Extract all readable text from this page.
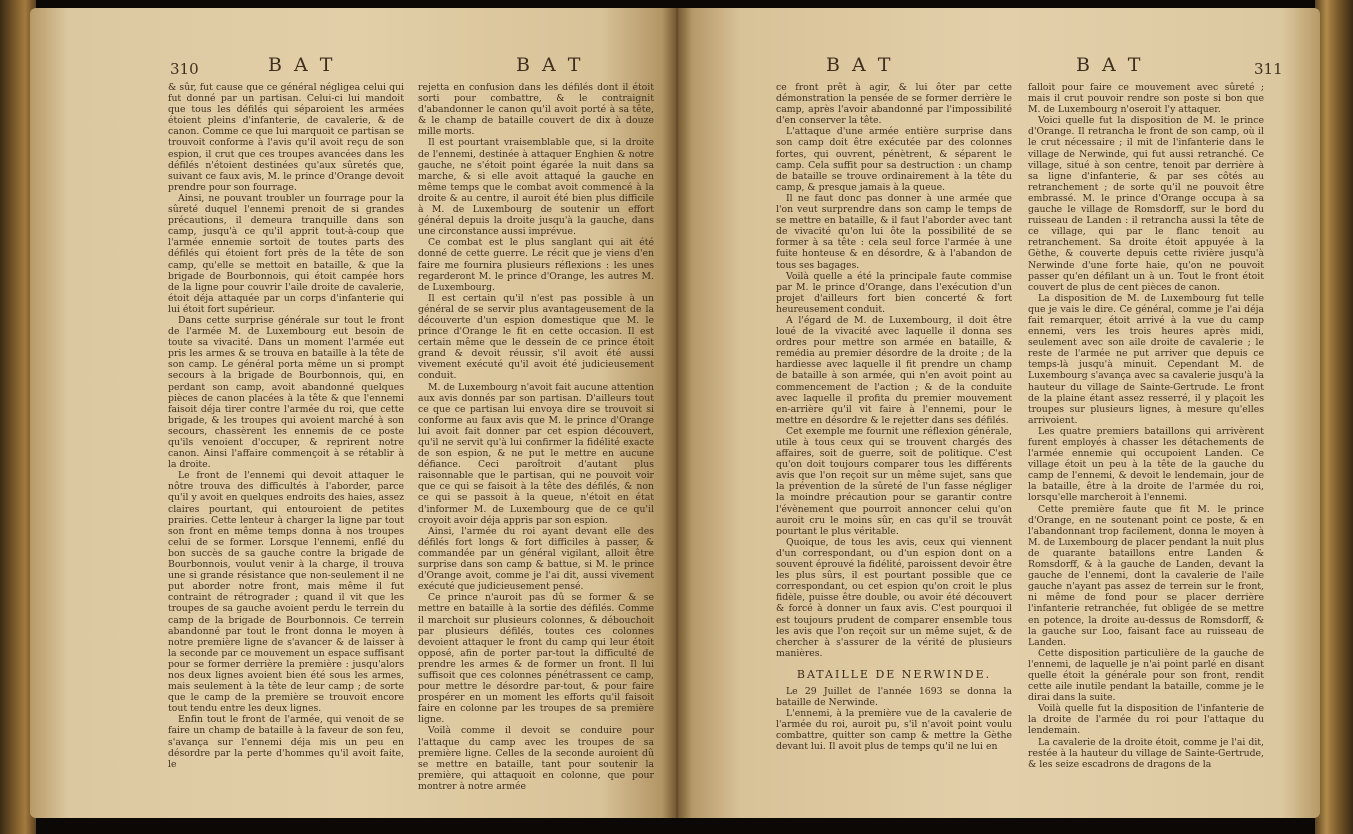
310	B A T	B A T

& sûr, fut cause que ce général négligea celui qui fut donné par un partisan. Celui-ci lui mandoit que tous les défilés qui séparoient les armées étoient pleins d'infanterie, de cavalerie, & de canon. Comme ce que lui marquoit ce partisan se trouvoit conforme à l'avis qu'il avoit reçu de son espion, il crut que ces troupes avancées dans les défilés n'étoient destinées qu'aux sûretés que, suivant ce faux avis, M. le prince d'Orange devoit prendre pour son fourrage.

Ainsi, ne pouvant troubler un fourrage pour la sûreté duquel l'ennemi prenoit de si grandes précautions, il demeura tranquille dans son camp, jusqu'à ce qu'il apprit tout-à-coup que l'armée ennemie sortoit de toutes parts des défilés qui étoient fort près de la tête de son camp, qu'elle se mettoit en bataille, & que la brigade de Bourbonnois, qui étoit campée hors de la ligne pour couvrir l'aile droite de cavalerie, étoit déja attaquée par un corps d'infanterie qui lui étoit fort supérieur.

Dans cette surprise générale sur tout le front de l'armée M. de Luxembourg eut besoin de toute sa vivacité. Dans un moment l'armée eut pris les armes & se trouva en bataille à la tête de son camp. Le général porta même un si prompt secours à la brigade de Bourbonnois, qui, en perdant son camp, avoit abandonné quelques pièces de canon placées à la tête & que l'ennemi faisoit déja tirer contre l'armée du roi, que cette brigade, & les troupes qui avoient marché à son secours, chassèrent les ennemis de ce poste qu'ils venoient d'occuper, & reprirent notre canon. Ainsi l'affaire commençoit à se rétablir à la droite.

Le front de l'ennemi qui devoit attaquer le nôtre trouva des difficultés à l'aborder, parce qu'il y avoit en quelques endroits des haies, assez claires pourtant, qui entouroient de petites prairies. Cette lenteur à charger la ligne par tout son front en même temps donna à nos troupes celui de se former. Lorsque l'ennemi, enflé du bon succès de sa gauche contre la brigade de Bourbonnois, voulut venir à la charge, il trouva une si grande résistance que non-seulement il ne put aborder notre front, mais même il fut contraint de rétrograder ; quand il vit que les troupes de sa gauche avoient perdu le terrein du camp de la brigade de Bourbonnois. Ce terrein abandonné par tout le front donna le moyen à notre première ligne de s'avancer & de laisser à la seconde par ce mouvement un espace suffisant pour se former derrière la première : jusqu'alors nos deux lignes avoient bien été sous les armes, mais seulement à la tête de leur camp ; de sorte que le camp de la première se trouvoit encore tout tendu entre les deux lignes.

Enfin tout le front de l'armée, qui venoit de se faire un champ de bataille à la faveur de son feu, s'avança sur l'ennemi déja mis un peu en désordre par la perte d'hommes qu'il avoit faite, le

rejetta en confusion dans les défilés dont il étoit sorti pour combattre, & le contraignit d'abandonner le canon qu'il avoit porté à sa tête, & le champ de bataille couvert de dix à douze mille morts.

Il est pourtant vraisemblable que, si la droite de l'ennemi, destinée à attaquer Enghien & notre gauche, ne s'étoit point égarée la nuit dans sa marche, & si elle avoit attaqué la gauche en même temps que le combat avoit commencé à la droite & au centre, il auroit été bien plus difficile à M. de Luxembourg de soutenir un effort général depuis la droite jusqu'à la gauche, dans une circonstance aussi imprévue.

Ce combat est le plus sanglant qui ait été donné de cette guerre. Le récit que je viens d'en faire me fournira plusieurs réflexions : les unes regarderont M. le prince d'Orange, les autres M. de Luxembourg.

Il est certain qu'il n'est pas possible à un général de se servir plus avantageusement de la découverte d'un espion domestique que M. le prince d'Orange le fit en cette occasion. Il est certain même que le dessein de ce prince étoit grand & devoit réussir, s'il avoit été aussi vivement exécuté qu'il avoit été judicieusement conduit.

M. de Luxembourg n'avoit fait aucune attention aux avis donnés par son partisan. D'ailleurs tout ce que ce partisan lui envoya dire se trouvoit si conforme au faux avis que M. le prince d'Orange lui avoit fait donner par cet espion découvert, qu'il ne servit qu'à lui confirmer la fidélité exacte de son espion, & ne put le mettre en aucune défiance. Ceci paroîtroit d'autant plus raisonnable que le partisan, qui ne pouvoit voir que ce qui se faisoit à la tête des défilés, & non ce qui se passoit à la queue, n'étoit en état d'informer M. de Luxembourg que de ce qu'il croyoit avoir déja appris par son espion.

Ainsi, l'armée du roi ayant devant elle des défilés fort longs & fort difficiles à passer, & commandée par un général vigilant, alloit être surprise dans son camp & battue, si M. le prince d'Orange avoit, comme je l'ai dit, aussi vivement exécuté que judicieusement pensé.

Ce prince n'auroit pas dû se former & se mettre en bataille à la sortie des défilés. Comme il marchoit sur plusieurs colonnes, & débouchoit par plusieurs défilés, toutes ces colonnes devoient attaquer le front du camp qui leur étoit opposé, afin de porter par-tout la difficulté de prendre les armes & de former un front. Il lui suffisoit que ces colonnes pénétrassent ce camp, pour mettre le désordre par-tout, & pour faire prospérer en un moment les efforts qu'il faisoit faire en colonne par les troupes de sa première ligne.

Voilà comme il devoit se conduire pour l'attaque du camp avec les troupes de sa première ligne. Celles de la seconde auroient dû se mettre en bataille, tant pour soutenir la première, qui attaquoit en colonne, que pour montrer à notre armée

B A T	B A T	311

ce front prêt à agir, & lui ôter par cette démonstration la pensée de se former derrière le camp, après l'avoir abandonné par l'impossibilité d'en conserver la tête.

L'attaque d'une armée entière surprise dans son camp doit être exécutée par des colonnes fortes, qui ouvrent, pénètrent, & séparent le camp. Cela suffit pour sa destruction : un champ de bataille se trouve ordinairement à la tête du camp, & presque jamais à la queue.

Il ne faut donc pas donner à une armée que l'on veut surprendre dans son camp le temps de se mettre en bataille, & il faut l'aborder avec tant de vivacité qu'on lui ôte la possibilité de se former à sa tête : cela seul force l'armée à une fuite honteuse & en désordre, & à l'abandon de tous ses bagages.

Voilà quelle a été la principale faute commise par M. le prince d'Orange, dans l'exécution d'un projet d'ailleurs fort bien concerté & fort heureusement conduit.

A l'égard de M. de Luxembourg, il doit être loué de la vivacité avec laquelle il donna ses ordres pour mettre son armée en bataille, & remédia au premier désordre de la droite ; de la hardiesse avec laquelle il fit prendre un champ de bataille à son armée, qui n'en avoit point au commencement de l'action ; & de la conduite avec laquelle il profita du premier mouvement en-arrière qu'il vit faire à l'ennemi, pour le mettre en désordre & le rejetter dans ses défilés.

Cet exemple me fournit une réflexion générale, utile à tous ceux qui se trouvent chargés des affaires, soit de guerre, soit de politique. C'est qu'on doit toujours comparer tous les différents avis que l'on reçoit sur un même sujet, sans que la prévention de la sûreté de l'un fasse négliger la moindre précaution pour se garantir contre l'évènement que pourroit annoncer celui qu'on auroit cru le moins sûr, en cas qu'il se trouvât pourtant le plus véritable.

Quoique, de tous les avis, ceux qui viennent d'un correspondant, ou d'un espion dont on a souvent éprouvé la fidélité, paroissent devoir être les plus sûrs, il est pourtant possible que ce correspondant, ou cet espion qu'on croit le plus fidèle, puisse être double, ou avoir été découvert & forcé à donner un faux avis. C'est pourquoi il est toujours prudent de comparer ensemble tous les avis que l'on reçoit sur un même sujet, & de chercher à s'assurer de la vérité de plusieurs manières.

BATAILLE DE NERWINDE.

Le 29 Juillet de l'année 1693 se donna la bataille de Nerwinde.

L'ennemi, à la première vue de la cavalerie de l'armée du roi, auroit pu, s'il n'avoit point voulu combattre, quitter son camp & mettre la Gèthe devant lui. Il avoit plus de temps qu'il ne lui en

falloit pour faire ce mouvement avec sûreté ; mais il crut pouvoir rendre son poste si bon que M. de Luxembourg n'oseroit l'y attaquer.

Voici quelle fut la disposition de M. le prince d'Orange. Il retrancha le front de son camp, où il le crut nécessaire ; il mit de l'infanterie dans le village de Nerwinde, qui fut aussi retranché. Ce village, situé à son centre, tenoit par derrière à sa ligne d'infanterie, & par ses côtés au retranchement ; de sorte qu'il ne pouvoit être embrassé. M. le prince d'Orange occupa à sa gauche le village de Romsdorff, sur le bord du ruisseau de Landen : il retrancha aussi la tête de ce village, qui par le flanc tenoit au retranchement. Sa droite étoit appuyée à la Gèthe, & couverte depuis cette rivière jusqu'à Nerwinde d'une forte haie, qu'on ne pouvoit passer qu'en défilant un à un. Tout le front étoit couvert de plus de cent pièces de canon.

La disposition de M. de Luxembourg fut telle que je vais le dire. Ce général, comme je l'ai déja fait remarquer, étoit arrivé à la vue du camp ennemi, vers les trois heures après midi, seulement avec son aile droite de cavalerie ; le reste de l'armée ne put arriver que depuis ce temps-là jusqu'à minuit. Cependant M. de Luxembourg s'avança avec sa cavalerie jusqu'à la hauteur du village de Sainte-Gertrude. Le front de la plaine étant assez resserré, il y plaçoit les troupes sur plusieurs lignes, à mesure qu'elles arrivoient.

Les quatre premiers bataillons qui arrivèrent furent employés à chasser les détachements de l'armée ennemie qui occupoient Landen. Ce village étoit un peu à la tête de la gauche du camp de l'ennemi, & devoit le lendemain, jour de la bataille, être à la droite de l'armée du roi, lorsqu'elle marcheroit à l'ennemi.

Cette première faute que fit M. le prince d'Orange, en ne soutenant point ce poste, & en l'abandonnant trop facilement, donna le moyen à M. de Luxembourg de placer pendant la nuit plus de quarante bataillons entre Landen & Romsdorff, & à la gauche de Landen, devant la gauche de l'ennemi, dont la cavalerie de l'aile gauche n'ayant pas assez de terrein sur le front, ni même de fond pour se placer derrière l'infanterie retranchée, fut obligée de se mettre en potence, la droite au-dessus de Romsdorff, & la gauche sur Loo, faisant face au ruisseau de Landen.

Cette disposition particulière de la gauche de l'ennemi, de laquelle je n'ai point parlé en disant quelle étoit la générale pour son front, rendit cette aile inutile pendant la bataille, comme je le dirai dans la suite.

Voilà quelle fut la disposition de l'infanterie de la droite de l'armée du roi pour l'attaque du lendemain.

La cavalerie de la droite étoit, comme je l'ai dit, restée à la hauteur du village de Sainte-Gertrude, & les seize escadrons de dragons de la
